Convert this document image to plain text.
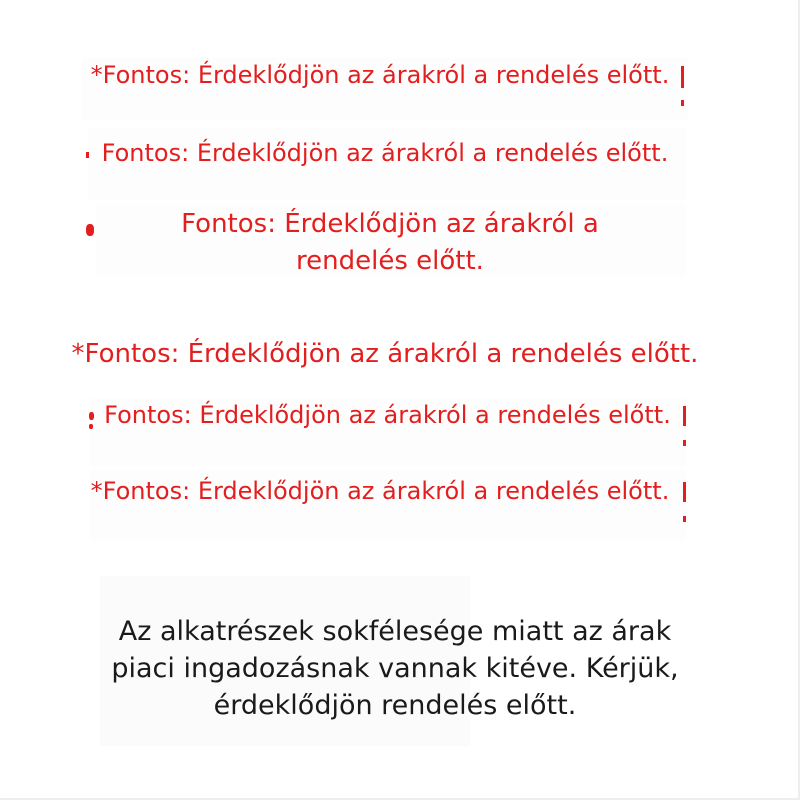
*Fontos: Érdeklődjön az árakról a rendelés előtt.

Fontos: Érdeklődjön az árakról a rendelés előtt.

Fontos: Érdeklődjön az árakról a rendelés előtt.

*Fontos: Érdeklődjön az árakról a rendelés előtt.

Fontos: Érdeklődjön az árakról a rendelés előtt.

*Fontos: Érdeklődjön az árakról a rendelés előtt.

Az alkatrészek sokfélesége miatt az árak piaci ingadozásnak vannak kitéve. Kérjük, érdeklődjön rendelés előtt.
